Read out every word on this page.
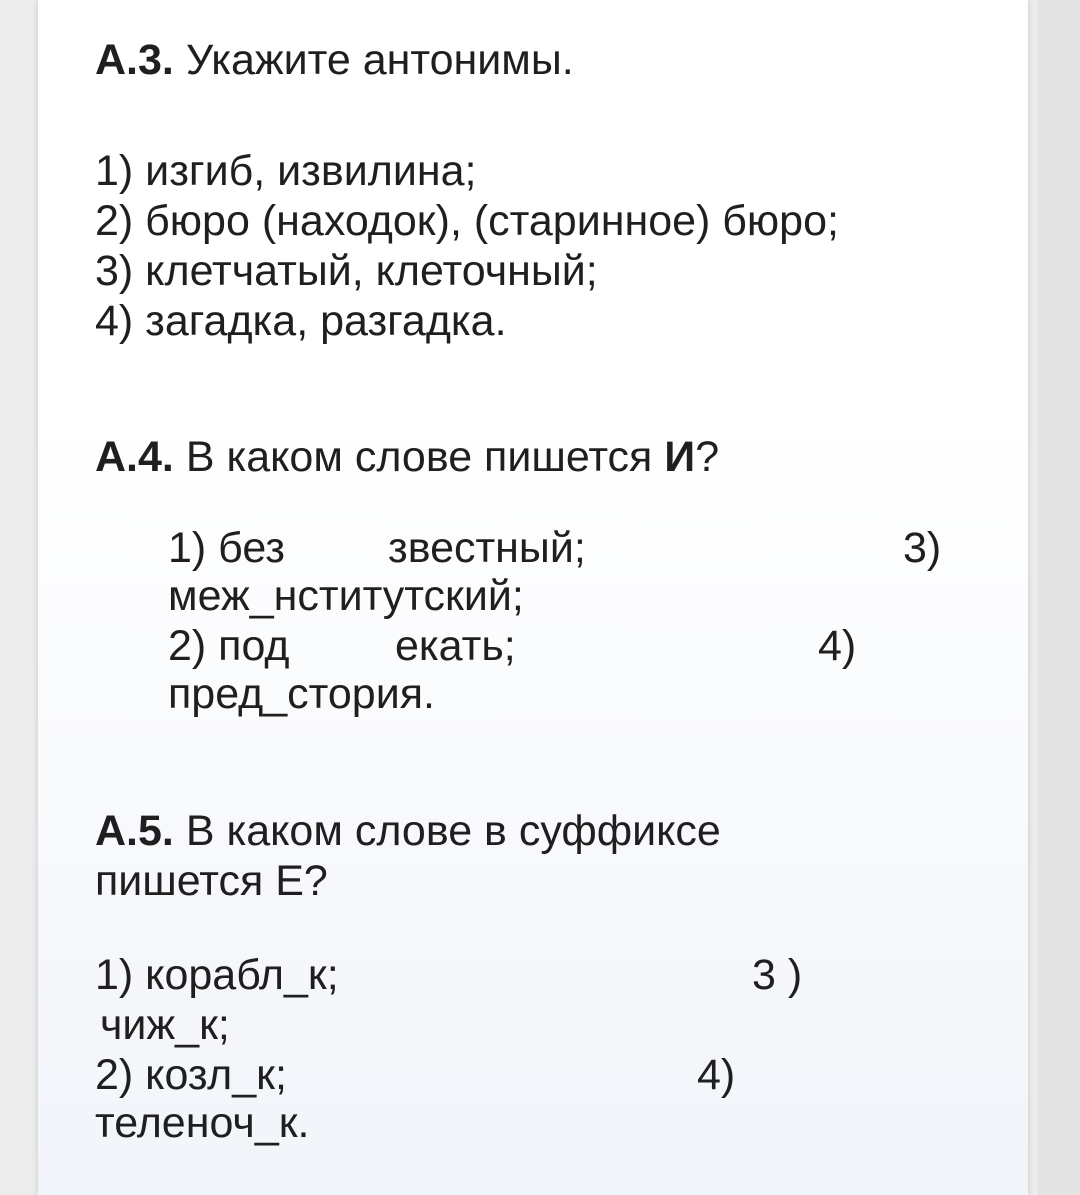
А.3. Укажите антонимы.
1) изгиб, извилина;
2) бюро (находок), (старинное) бюро;
3) клетчатый, клеточный;
4) загадка, разгадка.
А.4. В каком слове пишется И?
1) без звестный;	3)
меж_нститутский;
2) под екать;	4)
пред_стория.
А.5. В каком слове в суффиксе
пишется Е?
1) корабл_к;	3 )
чиж_к;
2) козл_к;	4)
теленоч_к.
